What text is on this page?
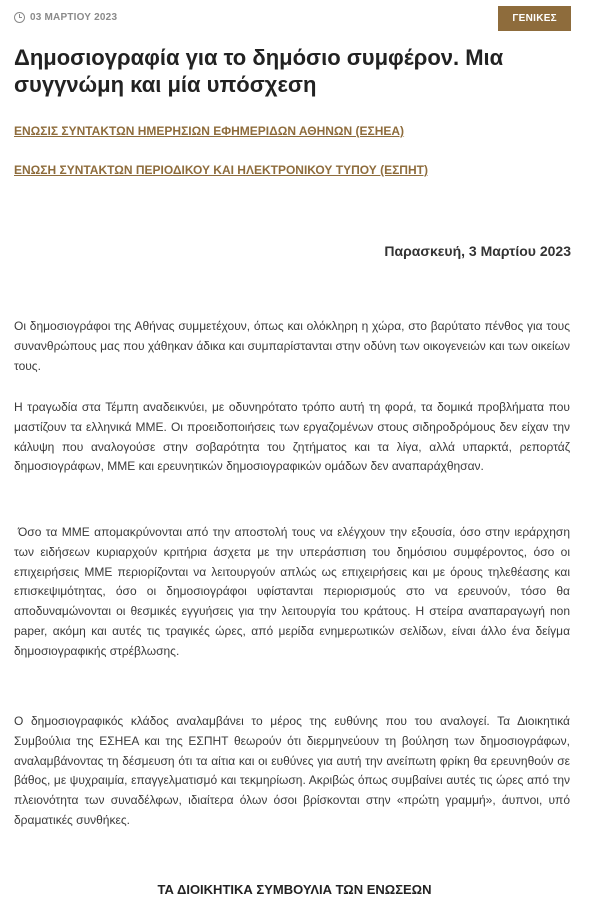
03 ΜΑΡΤΙΟΥ 2023	ΓΕΝΙΚΕΣ
Δημοσιογραφία για το δημόσιο συμφέρον. Μια συγγνώμη και μία υπόσχεση
ΕΝΩΣΙΣ ΣΥΝΤΑΚΤΩΝ ΗΜΕΡΗΣΙΩΝ ΕΦΗΜΕΡΙΔΩΝ ΑΘΗΝΩΝ (ΕΣΗΕΑ)
ΕΝΩΣΗ ΣΥΝΤΑΚΤΩΝ ΠΕΡΙΟΔΙΚΟΥ ΚΑΙ ΗΛΕΚΤΡΟΝΙΚΟΥ ΤΥΠΟΥ (ΕΣΠΗΤ)
Παρασκευή, 3 Μαρτίου 2023

Οι δημοσιογράφοι της Αθήνας συμμετέχουν, όπως και ολόκληρη η χώρα, στο βαρύτατο πένθος για τους συνανθρώπους μας που χάθηκαν άδικα και συμπαρίστανται στην οδύνη των οικογενειών και των οικείων τους.

Η τραγωδία στα Τέμπη αναδεικνύει, με οδυνηρότατο τρόπο αυτή τη φορά, τα δομικά προβλήματα που μαστίζουν τα ελληνικά ΜΜΕ. Οι προειδοποιήσεις των εργαζομένων στους σιδηροδρόμους δεν είχαν την κάλυψη που αναλογούσε στην σοβαρότητα του ζητήματος και τα λίγα, αλλά υπαρκτά, ρεπορτάζ δημοσιογράφων, ΜΜΕ και ερευνητικών δημοσιογραφικών ομάδων δεν αναπαράχθησαν.

Όσο τα ΜΜΕ απομακρύνονται από την αποστολή τους να ελέγχουν την εξουσία, όσο στην ιεράρχηση των ειδήσεων κυριαρχούν κριτήρια άσχετα με την υπεράσπιση του δημόσιου συμφέροντος, όσο οι επιχειρήσεις ΜΜΕ περιορίζονται να λειτουργούν απλώς ως επιχειρήσεις και με όρους τηλεθέασης και επισκεψιμότητας, όσο οι δημοσιογράφοι υφίστανται περιορισμούς στο να ερευνούν, τόσο θα αποδυναμώνονται οι θεσμικές εγγυήσεις για την λειτουργία του κράτους. Η στείρα αναπαραγωγή non paper, ακόμη και αυτές τις τραγικές ώρες, από μερίδα ενημερωτικών σελίδων, είναι άλλο ένα δείγμα δημοσιογραφικής στρέβλωσης.

Ο δημοσιογραφικός κλάδος αναλαμβάνει το μέρος της ευθύνης που του αναλογεί. Τα Διοικητικά Συμβούλια της ΕΣΗΕΑ και της ΕΣΠΗΤ θεωρούν ότι διερμηνεύουν τη βούληση των δημοσιογράφων, αναλαμβάνοντας τη δέσμευση ότι τα αίτια και οι ευθύνες για αυτή την ανείπωτη φρίκη θα ερευνηθούν σε βάθος, με ψυχραιμία, επαγγελματισμό και τεκμηρίωση. Ακριβώς όπως συμβαίνει αυτές τις ώρες από την πλειονότητα των συναδέλφων, ιδιαίτερα όλων όσοι βρίσκονται στην «πρώτη γραμμή», άυπνοι, υπό δραματικές συνθήκες.

ΤΑ ΔΙΟΙΚΗΤΙΚΑ ΣΥΜΒΟΥΛΙΑ ΤΩΝ ΕΝΩΣΕΩΝ
